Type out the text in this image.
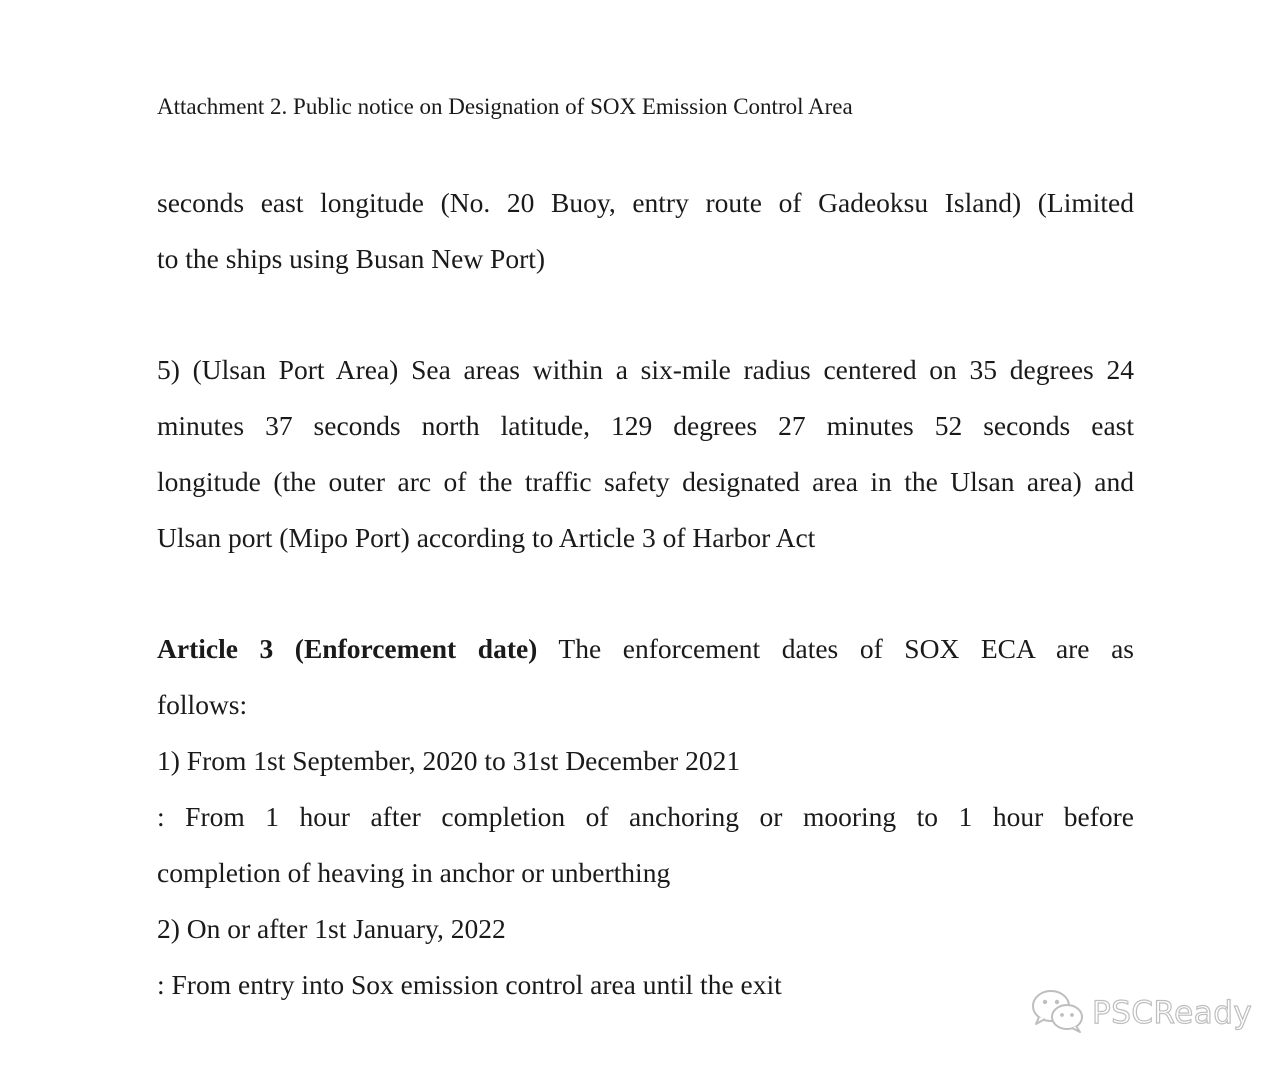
Attachment 2. Public notice on Designation of SOX Emission Control Area
seconds east longitude (No. 20 Buoy, entry route of Gadeoksu Island) (Limited
to the ships using Busan New Port)
5) (Ulsan Port Area) Sea areas within a six-mile radius centered on 35 degrees 24
minutes 37 seconds north latitude, 129 degrees 27 minutes 52 seconds east
longitude (the outer arc of the traffic safety designated area in the Ulsan area) and
Ulsan port (Mipo Port) according to Article 3 of Harbor Act
Article 3 (Enforcement date) The enforcement dates of SOX ECA are as
follows:
1) From 1st September, 2020 to 31st December 2021
: From 1 hour after completion of anchoring or mooring to 1 hour before
completion of heaving in anchor or unberthing
2) On or after 1st January, 2022
: From entry into Sox emission control area until the exit
PSCReady
